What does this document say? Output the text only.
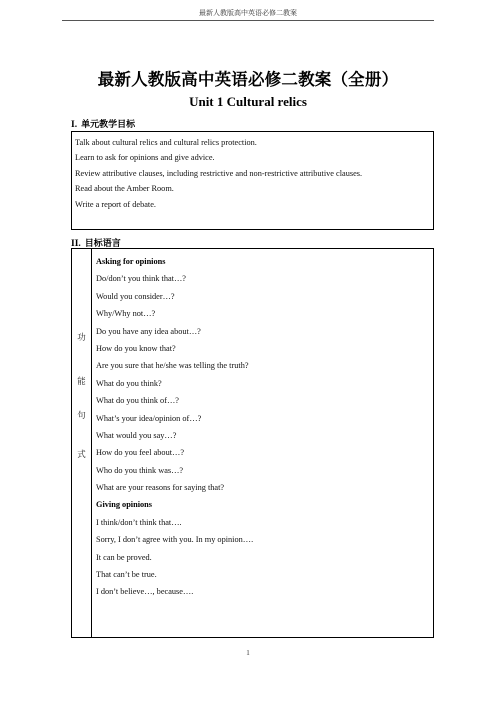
最新人教版高中英语必修二教案
最新人教版高中英语必修二教案（全册）
Unit 1 Cultural relics
I. 单元教学目标
Talk about cultural relics and cultural relics protection.
Learn to ask for opinions and give advice.
Review attributive clauses, including restrictive and non-restrictive attributive clauses.
Read about the Amber Room.
Write a report of debate.
II. 目标语言
功
能
句
式

Asking for opinions
Do/don’t you think that…?
Would you consider…?
Why/Why not…?
Do you have any idea about…?
How do you know that?
Are you sure that he/she was telling the truth?
What do you think?
What do you think of…?
What’s your idea/opinion of…?
What would you say…?
How do you feel about…?
Who do you think was…?
What are your reasons for saying that?
Giving opinions
I think/don’t think that….
Sorry, I don’t agree with you. In my opinion….
It can be proved.
That can’t be true.
I don’t believe…, because….
1
